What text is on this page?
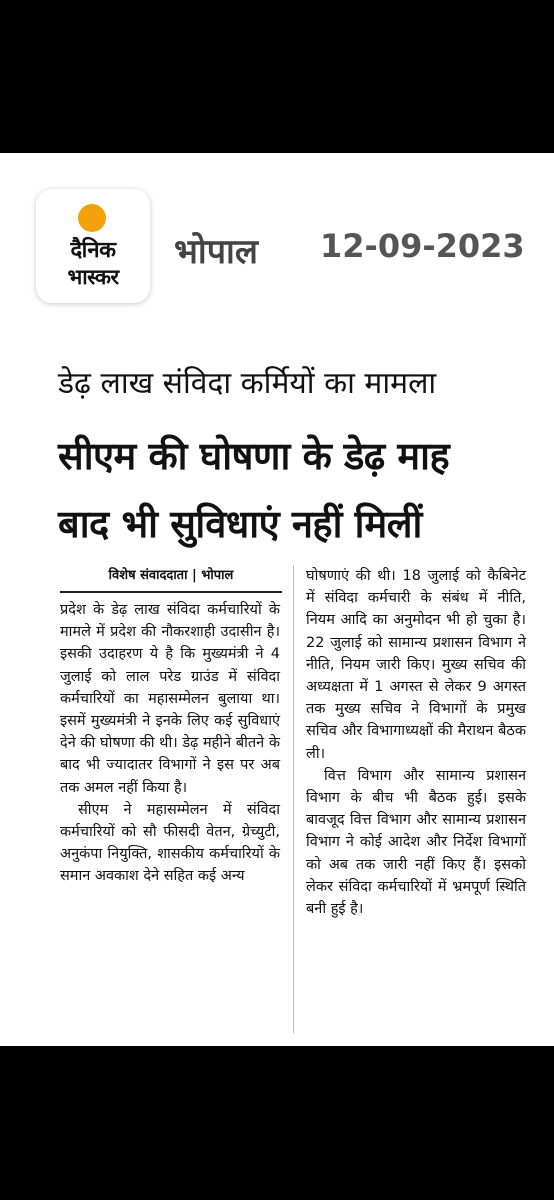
दैनिक
भास्कर
भोपाल 12-09-2023
डेढ़ लाख संविदा कर्मियों का मामला
सीएम की घोषणा के डेढ़ माह
बाद भी सुविधाएं नहीं मिलीं
विशेष संवाददाता | भोपाल

प्रदेश के डेढ़ लाख संविदा कर्मचारियों के मामले में प्रदेश की नौकरशाही उदासीन है। इसकी उदाहरण ये है कि मुख्यमंत्री ने 4 जुलाई को लाल परेड ग्राउंड में संविदा कर्मचारियों का महासम्मेलन बुलाया था। इसमें मुख्यमंत्री ने इनके लिए कई सुविधाएं देने की घोषणा की थी। डेढ़ महीने बीतने के बाद भी ज्यादातर विभागों ने इस पर अब तक अमल नहीं किया है।

सीएम ने महासम्मेलन में संविदा कर्मचारियों को सौ फीसदी वेतन, ग्रेच्युटी, अनुकंपा नियुक्ति, शासकीय कर्मचारियों के समान अवकाश देने सहित कई अन्य

घोषणाएं की थी। 18 जुलाई को कैबिनेट में संविदा कर्मचारी के संबंध में नीति, नियम आदि का अनुमोदन भी हो चुका है। 22 जुलाई को सामान्य प्रशासन विभाग ने नीति, नियम जारी किए। मुख्य सचिव की अध्यक्षता में 1 अगस्त से लेकर 9 अगस्त तक मुख्य सचिव ने विभागों के प्रमुख सचिव और विभागाध्यक्षों की मैराथन बैठक ली।

वित्त विभाग और सामान्य प्रशासन विभाग के बीच भी बैठक हुई। इसके बावजूद वित्त विभाग और सामान्य प्रशासन विभाग ने कोई आदेश और निर्देश विभागों को अब तक जारी नहीं किए हैं। इसको लेकर संविदा कर्मचारियों में भ्रमपूर्ण स्थिति बनी हुई है।
